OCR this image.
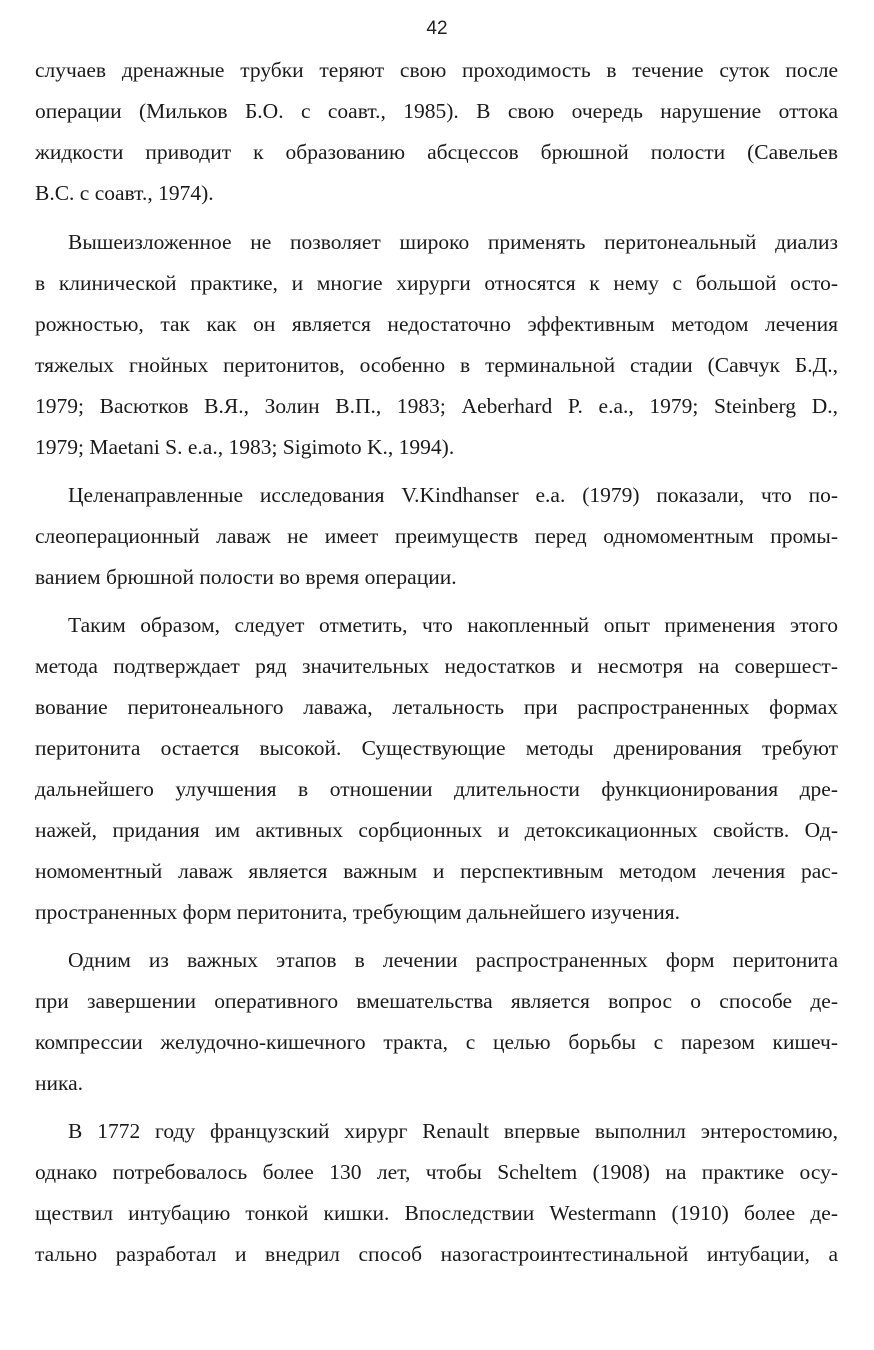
42
случаев дренажные трубки теряют свою проходимость в течение суток после
операции (Мильков Б.О. с соавт., 1985). В свою очередь нарушение оттока
жидкости приводит к образованию абсцессов брюшной полости (Савельев
В.С. с соавт., 1974).
Вышеизложенное не позволяет широко применять перитонеальный диализ
в клинической практике, и многие хирурги относятся к нему с большой осто-
рожностью, так как он является недостаточно эффективным методом лечения
тяжелых гнойных перитонитов, особенно в терминальной стадии (Савчук Б.Д.,
1979; Васютков В.Я., Золин В.П., 1983; Aeberhard P. e.a., 1979; Steinberg D.,
1979; Maetani S. e.a., 1983; Sigimoto K., 1994).
Целенаправленные исследования V.Kindhanser e.a. (1979) показали, что по-
слеоперационный лаваж не имеет преимуществ перед одномоментным промы-
ванием брюшной полости во время операции.
Таким образом, следует отметить, что накопленный опыт применения этого
метода подтверждает ряд значительных недостатков и несмотря на совершест-
вование перитонеального лаважа, летальность при распространенных формах
перитонита остается высокой. Существующие методы дренирования требуют
дальнейшего улучшения в отношении длительности функционирования дре-
нажей, придания им активных сорбционных и детоксикационных свойств. Од-
номоментный лаваж является важным и перспективным методом лечения рас-
пространенных форм перитонита, требующим дальнейшего изучения.
Одним из важных этапов в лечении распространенных форм перитонита
при завершении оперативного вмешательства является вопрос о способе де-
компрессии желудочно-кишечного тракта, с целью борьбы с парезом кишеч-
ника.
В 1772 году французский хирург Renault впервые выполнил энтеростомию,
однако потребовалось более 130 лет, чтобы Scheltem (1908) на практике осу-
ществил интубацию тонкой кишки. Впоследствии Westermann (1910) более де-
тально разработал и внедрил способ назогастроинтестинальной интубации, а
